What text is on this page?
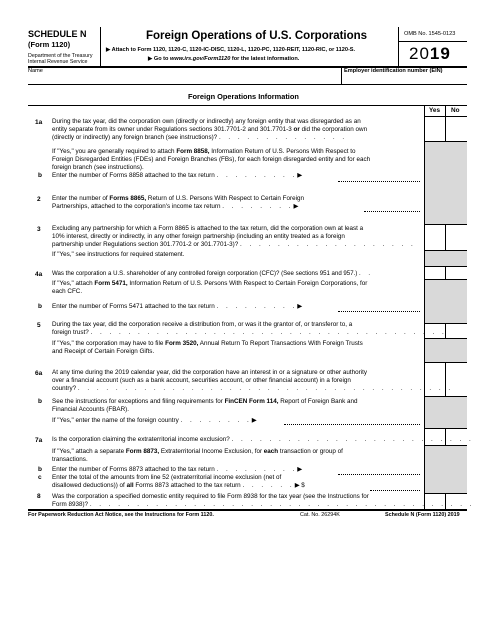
SCHEDULE N
(Form 1120)
Department of the Treasury
Internal Revenue Service
Foreign Operations of U.S. Corporations
▶ Attach to Form 1120, 1120-C, 1120-IC-DISC, 1120-L, 1120-PC, 1120-REIT, 1120-RIC, or 1120-S.
▶ Go to www.irs.gov/Form1120 for the latest information.
OMB No. 1545-0123
2019
Name	Employer identification number (EIN)
Foreign Operations Information
Yes No
1a During the tax year, did the corporation own (directly or indirectly) any foreign entity that was disregarded as an
entity separate from its owner under Regulations sections 301.7701-2 and 301.7701-3 or did the corporation own
(directly or indirectly) any foreign branch (see instructions)? . . . . . . . . . . . . . .
If "Yes," you are generally required to attach Form 8858, Information Return of U.S. Persons With Respect to
Foreign Disregarded Entities (FDEs) and Foreign Branches (FBs), for each foreign disregarded entity and for each
foreign branch (see instructions).
b Enter the number of Forms 8858 attached to the tax return . . . . . . . . .▶
2 Enter the number of Forms 8865, Return of U.S. Persons With Respect to Certain Foreign
Partnerships, attached to the corporation's income tax return . . . . . . . .▶
3 Excluding any partnership for which a Form 8865 is attached to the tax return, did the corporation own at least a
10% interest, directly or indirectly, in any other foreign partnership (including an entity treated as a foreign
partnership under Regulations section 301.7701-2 or 301.7701-3)? . . . . . . . . . . . . . . . . . . .
If "Yes," see instructions for required statement.
4a Was the corporation a U.S. shareholder of any controlled foreign corporation (CFC)? (See sections 951 and 957.) . .
If "Yes," attach Form 5471, Information Return of U.S. Persons With Respect to Certain Foreign Corporations, for
each CFC.
b Enter the number of Forms 5471 attached to the tax return . . . . . . . . .▶
5 During the tax year, did the corporation receive a distribution from, or was it the grantor of, or transferor to, a
foreign trust? . . . . . . . . . . . . . . . . . . . . . . . . . . . . . . . . . . . . . .
If "Yes," the corporation may have to file Form 3520, Annual Return To Report Transactions With Foreign Trusts
and Receipt of Certain Foreign Gifts.
6a At any time during the 2019 calendar year, did the corporation have an interest in or a signature or other authority
over a financial account (such as a bank account, securities account, or other financial account) in a foreign
country? . . . . . . . . . . . . . . . . . . . . . . . . . . . . . . . . . . . . . . . .
b See the instructions for exceptions and filing requirements for FinCEN Form 114, Report of Foreign Bank and
Financial Accounts (FBAR).
If "Yes," enter the name of the foreign country . . . . . . . .▶
7a Is the corporation claiming the extraterritorial income exclusion? . . . . . . . . . . . . . . . . . . . . . . . . . .
If "Yes," attach a separate Form 8873, Extraterritorial Income Exclusion, for each transaction or group of
transactions.
b Enter the number of Forms 8873 attached to the tax return . . . . . . . . .▶
c Enter the total of the amounts from line 52 (extraterritorial income exclusion (net of
disallowed deductions)) of all Forms 8873 attached to the tax return . . . . . .▶ $
8 Was the corporation a specified domestic entity required to file Form 8938 for the tax year (see the Instructions for
Form 8938)? . . . . . . . . . . . . . . . . . . . . . . . . . . . . . . . . . . . . . . . . .
For Paperwork Reduction Act Notice, see the Instructions for Form 1120.	Cat. No. 26294K	Schedule N (Form 1120) 2019
